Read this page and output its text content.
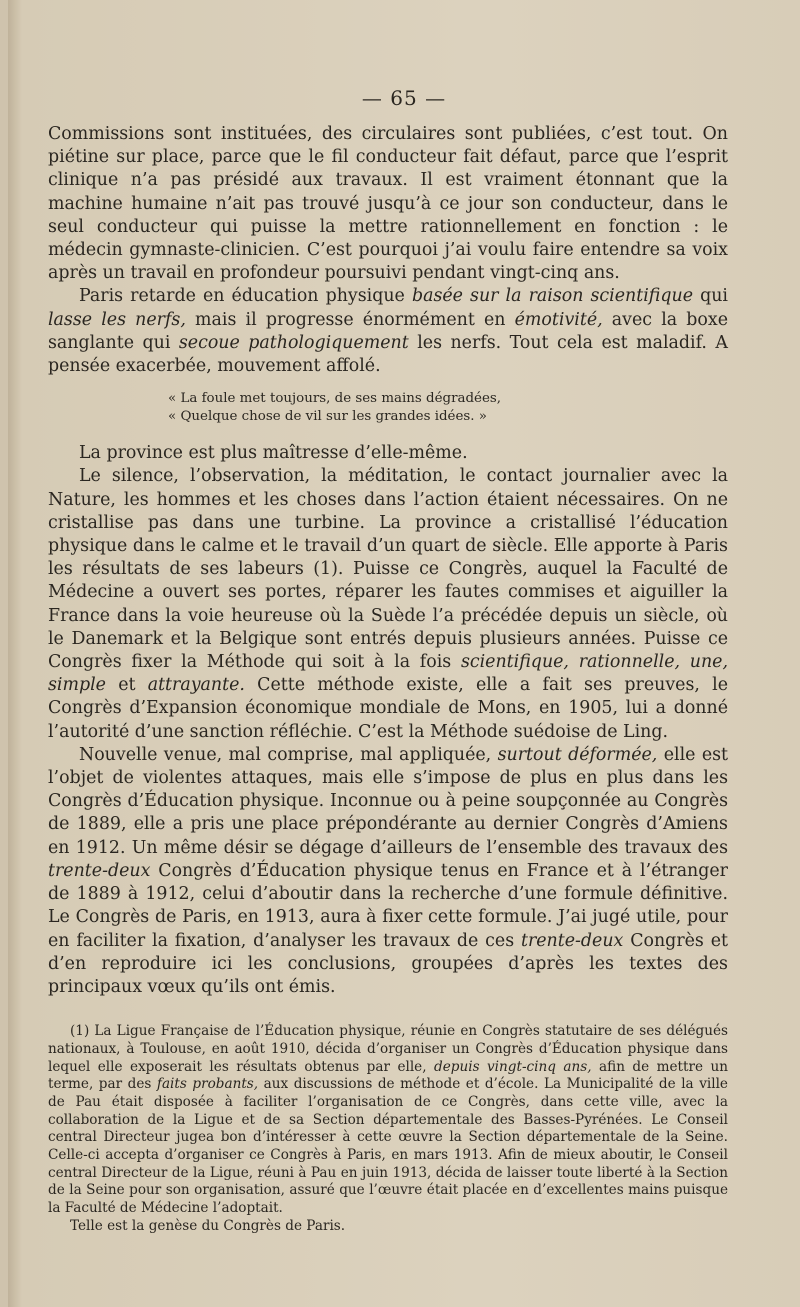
— 65 —

Commissions sont instituées, des circulaires sont publiées, c’est tout. On piétine sur place, parce que le fil conducteur fait défaut, parce que l’esprit clinique n’a pas présidé aux travaux. Il est vraiment étonnant que la machine humaine n’ait pas trouvé jusqu’à ce jour son conducteur, dans le seul conducteur qui puisse la mettre rationnellement en fonction : le médecin gymnaste-clinicien. C’est pourquoi j’ai voulu faire entendre sa voix après un travail en profondeur poursuivi pendant vingt-cinq ans.

Paris retarde en éducation physique basée sur la raison scientifique qui lasse les nerfs, mais il progresse énormément en émotivité, avec la boxe sanglante qui secoue pathologiquement les nerfs. Tout cela est maladif. A pensée exacerbée, mouvement affolé.

« La foule met toujours, de ses mains dégradées,
« Quelque chose de vil sur les grandes idées. »

La province est plus maîtresse d’elle-même.

Le silence, l’observation, la méditation, le contact journalier avec la Nature, les hommes et les choses dans l’action étaient nécessaires. On ne cristallise pas dans une turbine. La province a cristallisé l’éducation physique dans le calme et le travail d’un quart de siècle. Elle apporte à Paris les résultats de ses labeurs (1). Puisse ce Congrès, auquel la Faculté de Médecine a ouvert ses portes, réparer les fautes commises et aiguiller la France dans la voie heureuse où la Suède l’a précédée depuis un siècle, où le Danemark et la Belgique sont entrés depuis plusieurs années. Puisse ce Congrès fixer la Méthode qui soit à la fois scientifique, rationnelle, une, simple et attrayante. Cette méthode existe, elle a fait ses preuves, le Congrès d’Expansion économique mondiale de Mons, en 1905, lui a donné l’autorité d’une sanction réfléchie. C’est la Méthode suédoise de Ling.

Nouvelle venue, mal comprise, mal appliquée, surtout déformée, elle est l’objet de violentes attaques, mais elle s’impose de plus en plus dans les Congrès d’Éducation physique. Inconnue ou à peine soupçonnée au Congrès de 1889, elle a pris une place prépondérante au dernier Congrès d’Amiens en 1912. Un même désir se dégage d’ailleurs de l’ensemble des travaux des trente-deux Congrès d’Éducation physique tenus en France et à l’étranger de 1889 à 1912, celui d’aboutir dans la recherche d’une formule définitive. Le Congrès de Paris, en 1913, aura à fixer cette formule. J’ai jugé utile, pour en faciliter la fixation, d’analyser les travaux de ces trente-deux Congrès et d’en reproduire ici les conclusions, groupées d’après les textes des principaux vœux qu’ils ont émis.

(1) La Ligue Française de l’Éducation physique, réunie en Congrès statutaire de ses délégués nationaux, à Toulouse, en août 1910, décida d’organiser un Congrès d’Éducation physique dans lequel elle exposerait les résultats obtenus par elle, depuis vingt-cinq ans, afin de mettre un terme, par des faits probants, aux discussions de méthode et d’école. La Municipalité de la ville de Pau était disposée à faciliter l’organisation de ce Congrès, dans cette ville, avec la collaboration de la Ligue et de sa Section départementale des Basses-Pyrénées. Le Conseil central Directeur jugea bon d’intéresser à cette œuvre la Section départementale de la Seine. Celle-ci accepta d’organiser ce Congrès à Paris, en mars 1913. Afin de mieux aboutir, le Conseil central Directeur de la Ligue, réuni à Pau en juin 1913, décida de laisser toute liberté à la Section de la Seine pour son organisation, assuré que l’œuvre était placée en d’excellentes mains puisque la Faculté de Médecine l’adoptait.

Telle est la genèse du Congrès de Paris.
